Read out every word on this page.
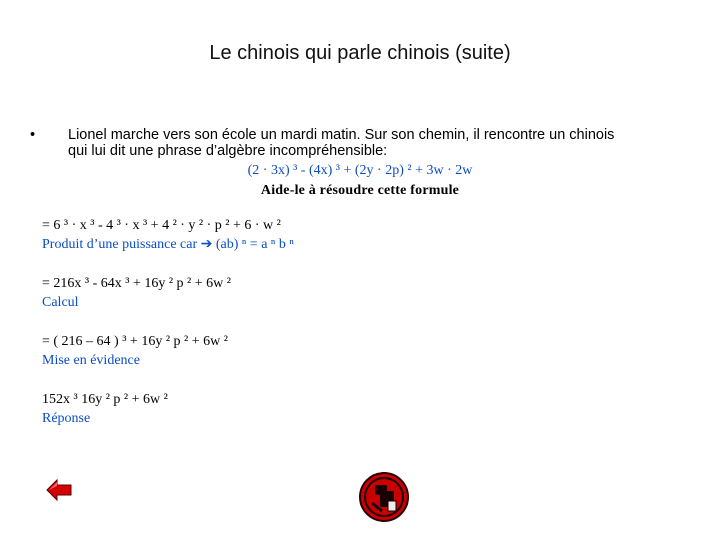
Le chinois qui parle chinois (suite)
• Lionel marche vers son école un mardi matin. Sur son chemin, il rencontre un chinois
qui lui dit une phrase d’algèbre incompréhensible:
(2 · 3x) ³ - (4x) ³ + (2y · 2p) ² + 3w · 2w
Aide-le à résoudre cette formule
= 6 ³ · x ³ - 4 ³ · x ³ + 4 ² · y ² · p ² + 6 · w ²
Produit d’une puissance car ➔ (ab) ⁿ = a ⁿ b ⁿ
= 216x ³ - 64x ³ + 16y ² p ² + 6w ²
Calcul
= ( 216 – 64 ) ³ + 16y ² p ² + 6w ²
Mise en évidence
152x ³ 16y ² p ² + 6w ²
Réponse
